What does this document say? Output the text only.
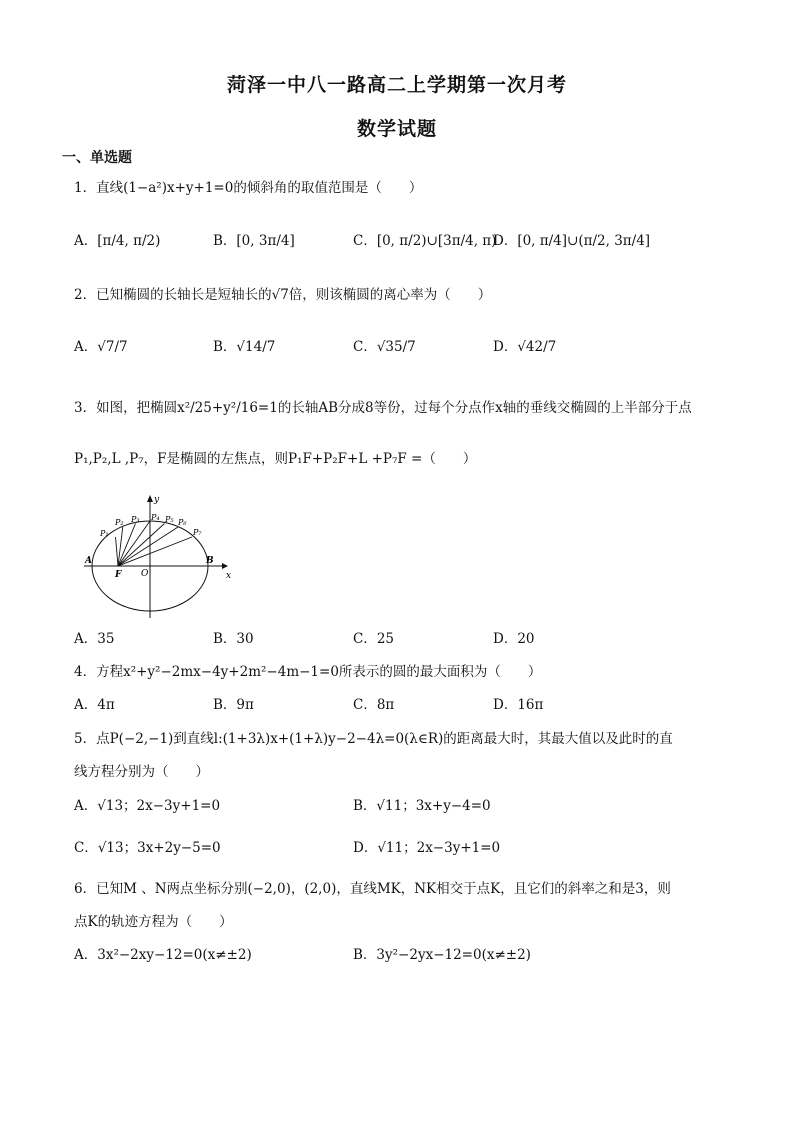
菏泽一中八一路高二上学期第一次月考
数学试题
一、单选题
1．直线(1−a²)x+y+1=0的倾斜角的取值范围是（　　）
A．[π/4, π/2)	B．[0, 3π/4]	C．[0, π/2)∪[3π/4, π)
D．[0, π/4]∪(π/2, 3π/4]
2．已知椭圆的长轴长是短轴长的√7倍，则该椭圆的离心率为（　　）
A．√7/7	B．√14/7	C．√35/7	D．√42/7
3．如图，把椭圆x²/25+y²/16=1的长轴AB分成8等份，过每个分点作x轴的垂线交椭圆的上半部分于点
P₁,P₂,L ,P₇，F是椭圆的左焦点，则P₁F+P₂F+L +P₇F =（　　）
y
x
A	B
F O
P₁
P₂ P₃ P₄ P₅ P₆
P₇
A．35	B．30	C．25	D．20
4．方程x²+y²−2mx−4y+2m²−4m−1=0所表示的圆的最大面积为（　　）
A．4π	B．9π	C．8π	D．16π
5．点P(−2,−1)到直线l:(1+3λ)x+(1+λ)y−2−4λ=0(λ∈R)的距离最大时，其最大值以及此时的直
线方程分别为（　　）
A．√13；2x−3y+1=0	B．√11；3x+y−4=0
C．√13；3x+2y−5=0	D．√11；2x−3y+1=0
6．已知M 、N两点坐标分别(−2,0)，(2,0)，直线MK，NK相交于点K，且它们的斜率之和是3，则
点K的轨迹方程为（　　）
A．3x²−2xy−12=0(x≠±2)	B．3y²−2yx−12=0(x≠±2)
